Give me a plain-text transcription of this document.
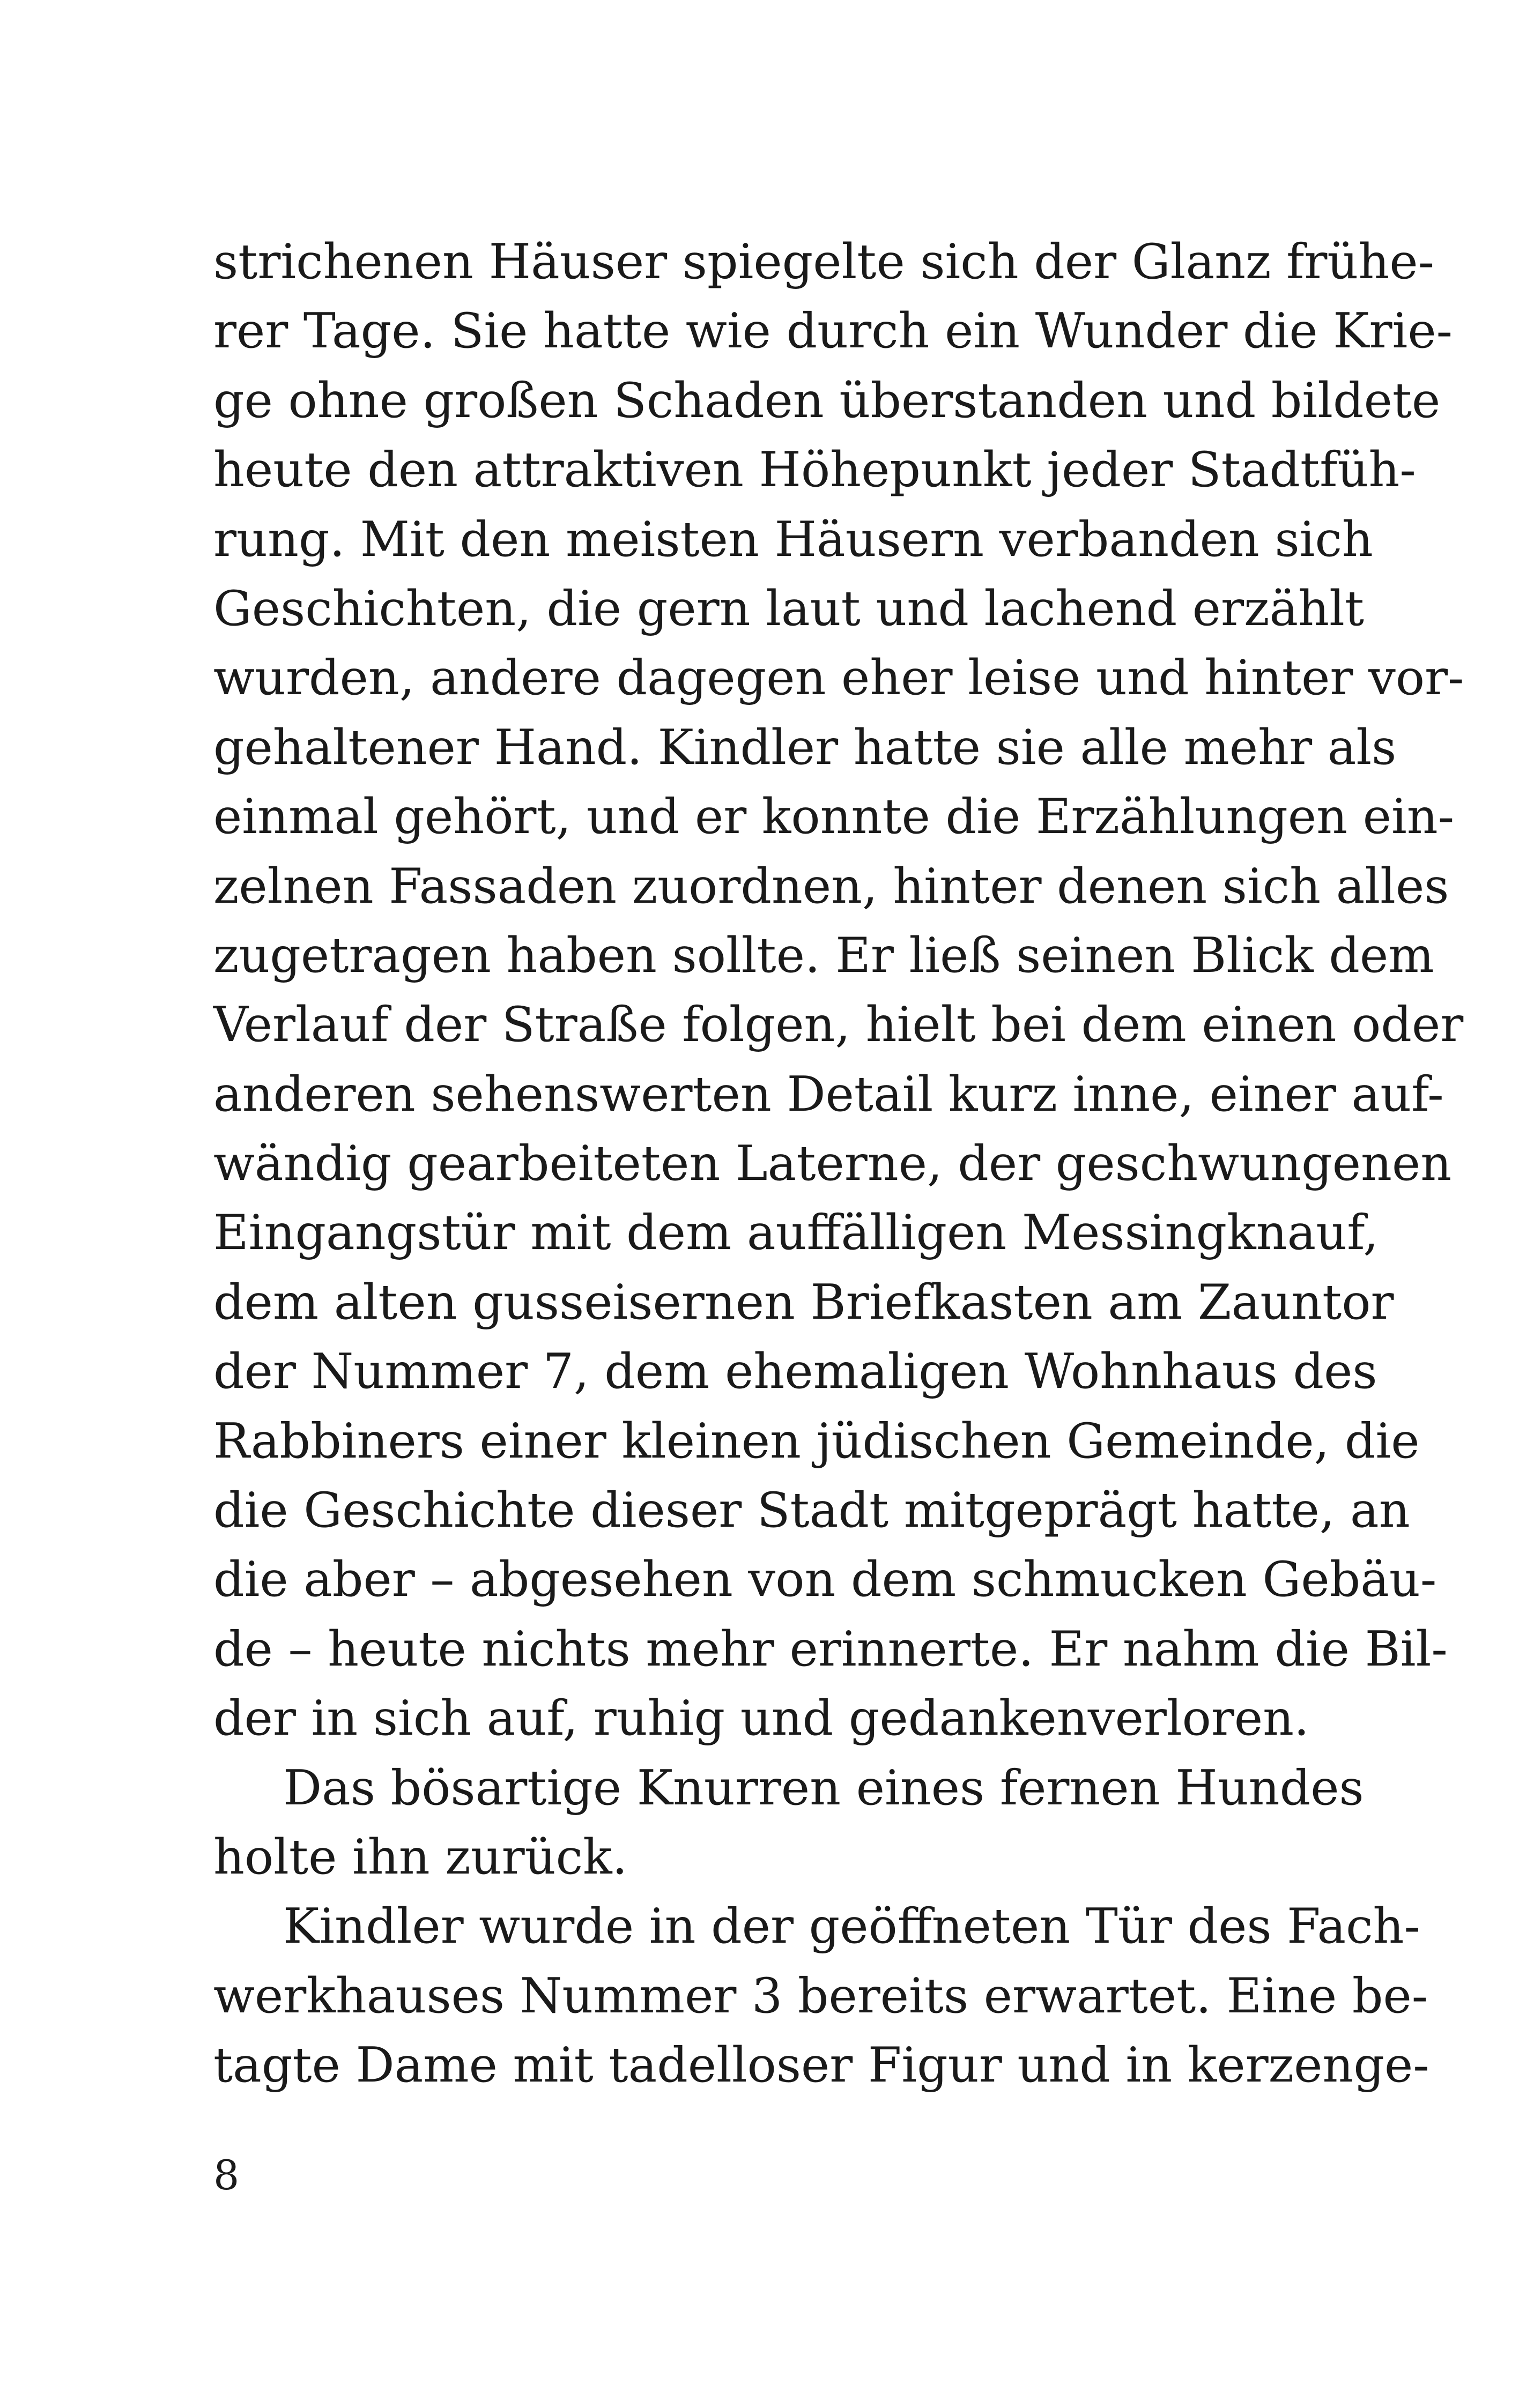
strichenen Häuser spiegelte sich der Glanz frühe-
rer Tage. Sie hatte wie durch ein Wunder die Krie-
ge ohne großen Schaden überstanden und bildete
heute den attraktiven Höhepunkt jeder Stadtfüh-
rung. Mit den meisten Häusern verbanden sich
Geschichten, die gern laut und lachend erzählt
wurden, andere dagegen eher leise und hinter vor-
gehaltener Hand. Kindler hatte sie alle mehr als
einmal gehört, und er konnte die Erzählungen ein-
zelnen Fassaden zuordnen, hinter denen sich alles
zugetragen haben sollte. Er ließ seinen Blick dem
Verlauf der Straße folgen, hielt bei dem einen oder
anderen sehenswerten Detail kurz inne, einer auf-
wändig gearbeiteten Laterne, der geschwungenen
Eingangstür mit dem auffälligen Messingknauf,
dem alten gusseisernen Briefkasten am Zauntor
der Nummer 7, dem ehemaligen Wohnhaus des
Rabbiners einer kleinen jüdischen Gemeinde, die
die Geschichte dieser Stadt mitgeprägt hatte, an
die aber – abgesehen von dem schmucken Gebäu-
de – heute nichts mehr erinnerte. Er nahm die Bil-
der in sich auf, ruhig und gedankenverloren.
Das bösartige Knurren eines fernen Hundes
holte ihn zurück.
Kindler wurde in der geöffneten Tür des Fach-
werkhauses Nummer 3 bereits erwartet. Eine be-
tagte Dame mit tadelloser Figur und in kerzenge-
8
